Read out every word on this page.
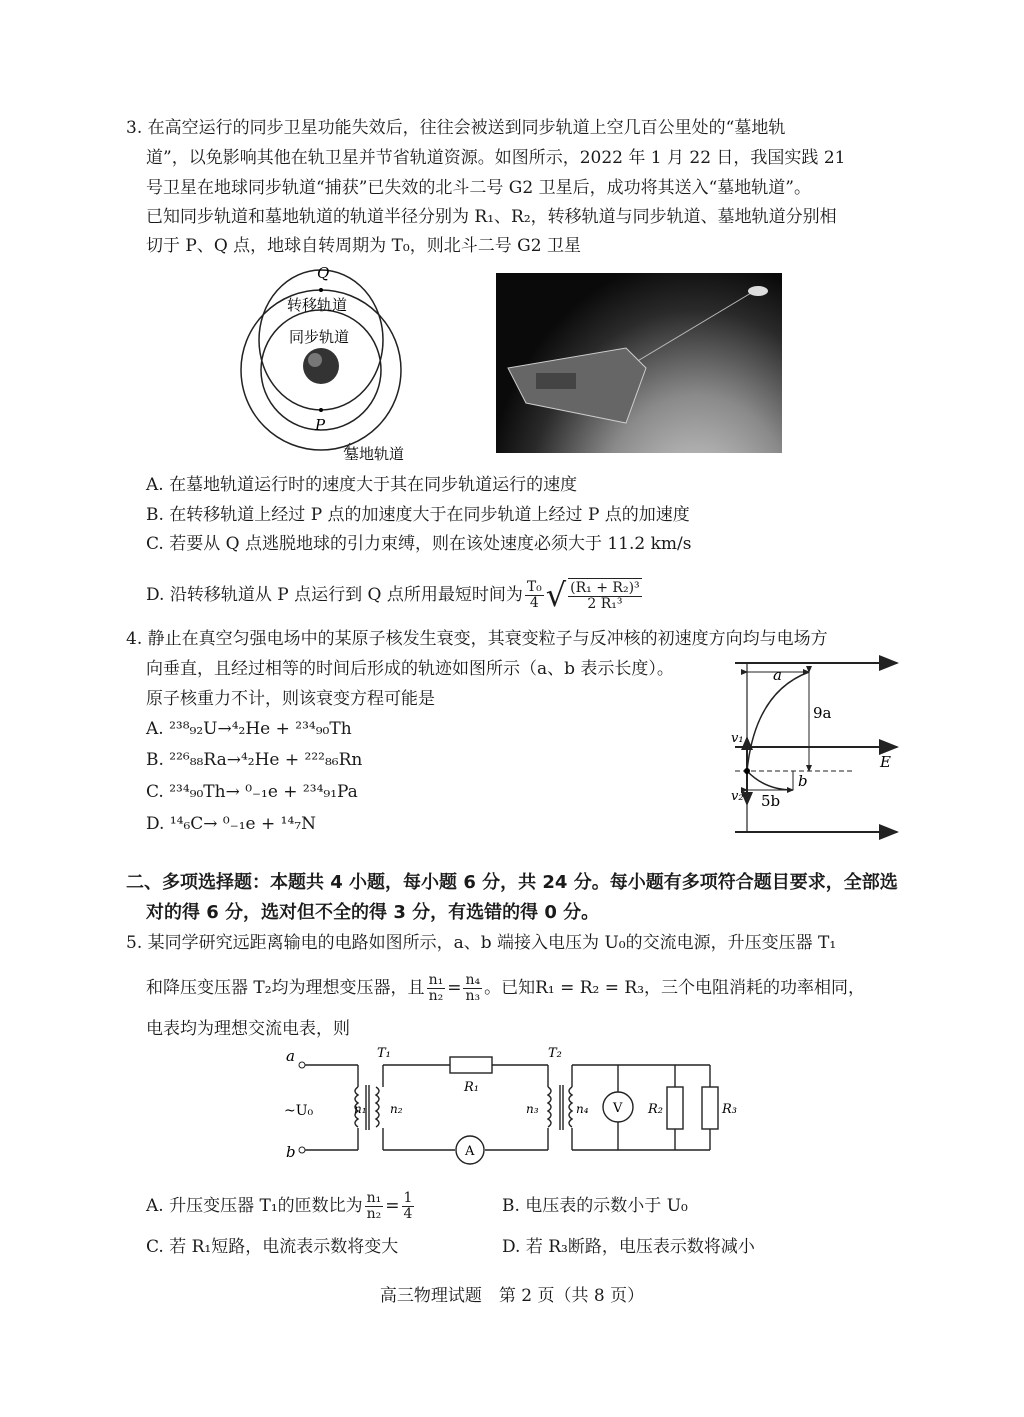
3. 在高空运行的同步卫星功能失效后，往往会被送到同步轨道上空几百公里处的“墓地轨
道”，以免影响其他在轨卫星并节省轨道资源。如图所示，2022 年 1 月 22 日，我国实践 21
号卫星在地球同步轨道“捕获”已失效的北斗二号 G2 卫星后，成功将其送入“墓地轨道”。
已知同步轨道和墓地轨道的轨道半径分别为 R₁、R₂，转移轨道与同步轨道、墓地轨道分别相
切于 P、Q 点，地球自转周期为 T₀，则北斗二号 G2 卫星
Q
P
转移轨道
同步轨道
墓地轨道
A. 在墓地轨道运行时的速度大于其在同步轨道运行的速度
B. 在转移轨道上经过 P 点的加速度大于在同步轨道上经过 P 点的加速度
C. 若要从 Q 点逃脱地球的引力束缚，则在该处速度必须大于 11.2 km/s
D. 沿转移轨道从 P 点运行到 Q 点所用最短时间为 $\frac{\text{T₀}}{4}$ √ $\frac{\text{(R₁ + R₂)³}}{\text{2 R₁³}}$
4. 静止在真空匀强电场中的某原子核发生衰变，其衰变粒子与反冲核的初速度方向均与电场方
向垂直，且经过相等的时间后形成的轨迹如图所示（a、b 表示长度）。
原子核重力不计，则该衰变方程可能是
A. ²³⁸₉₂U→⁴₂He + ²³⁴₉₀Th
B. ²²⁶₈₈Ra→⁴₂He + ²²²₈₆Rn
C. ²³⁴₉₀Th→ ⁰₋₁e + ²³⁴₉₁Pa
D. ¹⁴₆C→ ⁰₋₁e + ¹⁴₇N
a
9a
v₁
v₂
b
5b
E
二、多项选择题：本题共 4 小题，每小题 6 分，共 24 分。每小题有多项符合题目要求，全部选
对的得 6 分，选对但不全的得 3 分，有选错的得 0 分。
5. 某同学研究远距离输电的电路如图所示，a、b 端接入电压为 U₀的交流电源，升压变压器 T₁
和降压变压器 T₂均为理想变压器，且 $\frac{\text{n₁}}{\text{n₂}} = \frac{\text{n₄}}{\text{n₃}}$ 。已知R₁ = R₂ = R₃，三个电阻消耗的功率相同，
电表均为理想交流电表，则
a
b
~U₀
T₁	T₂
R₁
R₂	R₃
n₁ n₂	n₃	n₄ V
A
A. 升压变压器 T₁的匝数比为 $\frac{\text{n₁}}{\text{n₂}} = \frac{1}{4}$	B. 电压表的示数小于 U₀
C. 若 R₁短路，电流表示数将变大	D. 若 R₃断路，电压表示数将减小
高三物理试题　第 2 页（共 8 页）
